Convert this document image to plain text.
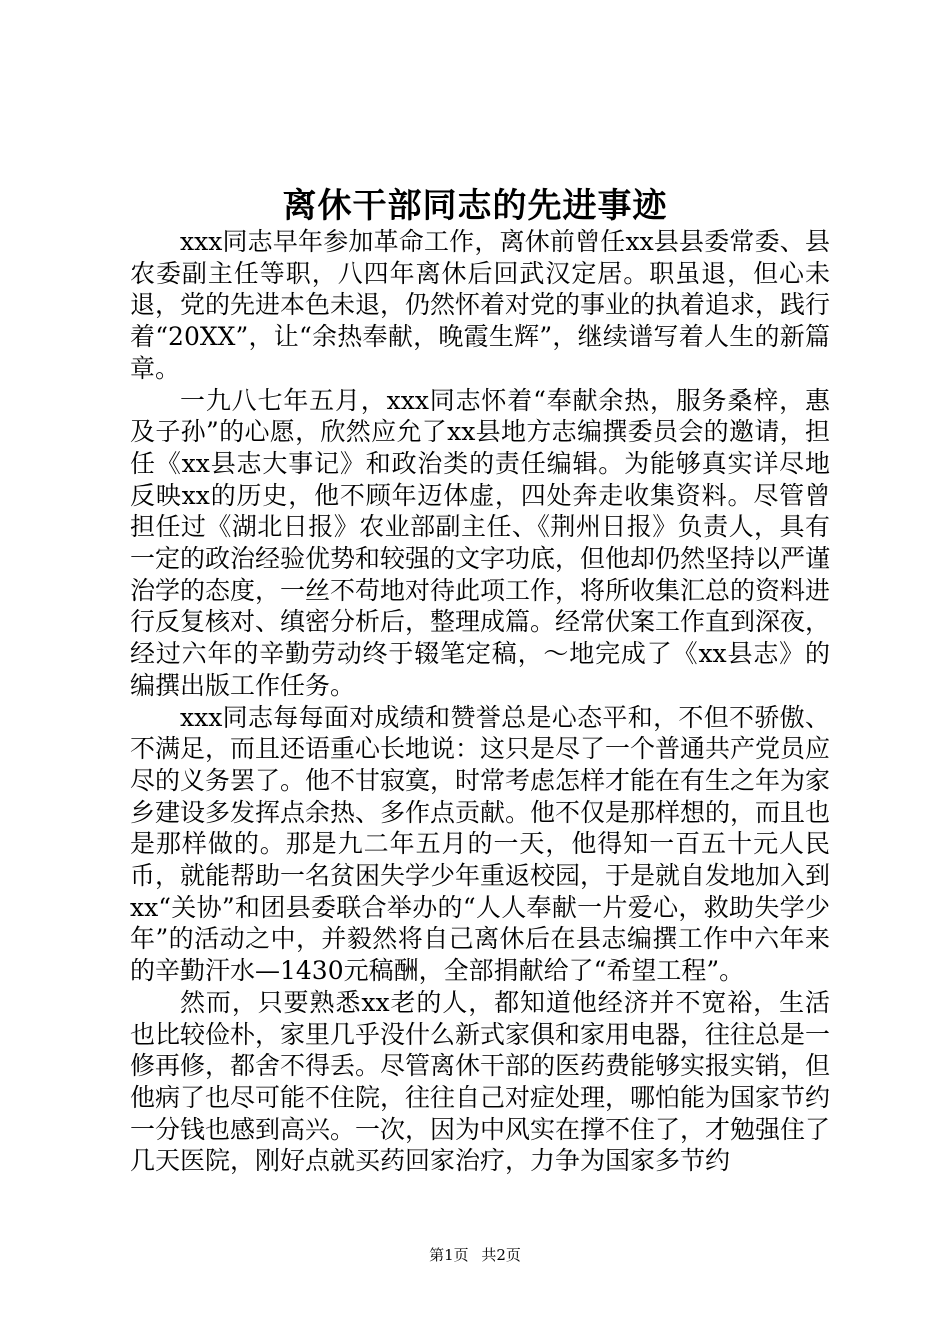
离休干部同志的先进事迹

xxx同志早年参加革命工作，离休前曾任xx县县委常委、县农委副主任等职，八四年离休后回武汉定居。职虽退，但心未退，党的先进本色未退，仍然怀着对党的事业的执着追求，践行着“20XX”，让“余热奉献，晚霞生辉”，继续谱写着人生的新篇章。

一九八七年五月，xxx同志怀着“奉献余热，服务桑梓，惠及子孙”的心愿，欣然应允了xx县地方志编撰委员会的邀请，担任《xx县志大事记》和政治类的责任编辑。为能够真实详尽地反映xx的历史，他不顾年迈体虚，四处奔走收集资料。尽管曾担任过《湖北日报》农业部副主任、《荆州日报》负责人，具有一定的政治经验优势和较强的文字功底，但他却仍然坚持以严谨治学的态度，一丝不苟地对待此项工作，将所收集汇总的资料进行反复核对、缜密分析后，整理成篇。经常伏案工作直到深夜，经过六年的辛勤劳动终于辍笔定稿，～地完成了《xx县志》的编撰出版工作任务。

xxx同志每每面对成绩和赞誉总是心态平和，不但不骄傲、不满足，而且还语重心长地说：这只是尽了一个普通共产党员应尽的义务罢了。他不甘寂寞，时常考虑怎样才能在有生之年为家乡建设多发挥点余热、多作点贡献。他不仅是那样想的，而且也是那样做的。那是九二年五月的一天，他得知一百五十元人民币，就能帮助一名贫困失学少年重返校园，于是就自发地加入到xx“关协”和团县委联合举办的“人人奉献一片爱心，救助失学少年”的活动之中，并毅然将自己离休后在县志编撰工作中六年来的辛勤汗水—1430元稿酬，全部捐献给了“希望工程”。

然而，只要熟悉xx老的人，都知道他经济并不宽裕，生活也比较俭朴，家里几乎没什么新式家俱和家用电器，往往总是一修再修，都舍不得丢。尽管离休干部的医药费能够实报实销，但他病了也尽可能不住院，往往自己对症处理，哪怕能为国家节约一分钱也感到高兴。一次，因为中风实在撑不住了，才勉强住了几天医院，刚好点就买药回家治疗，力争为国家多节约

第1页 共2页
